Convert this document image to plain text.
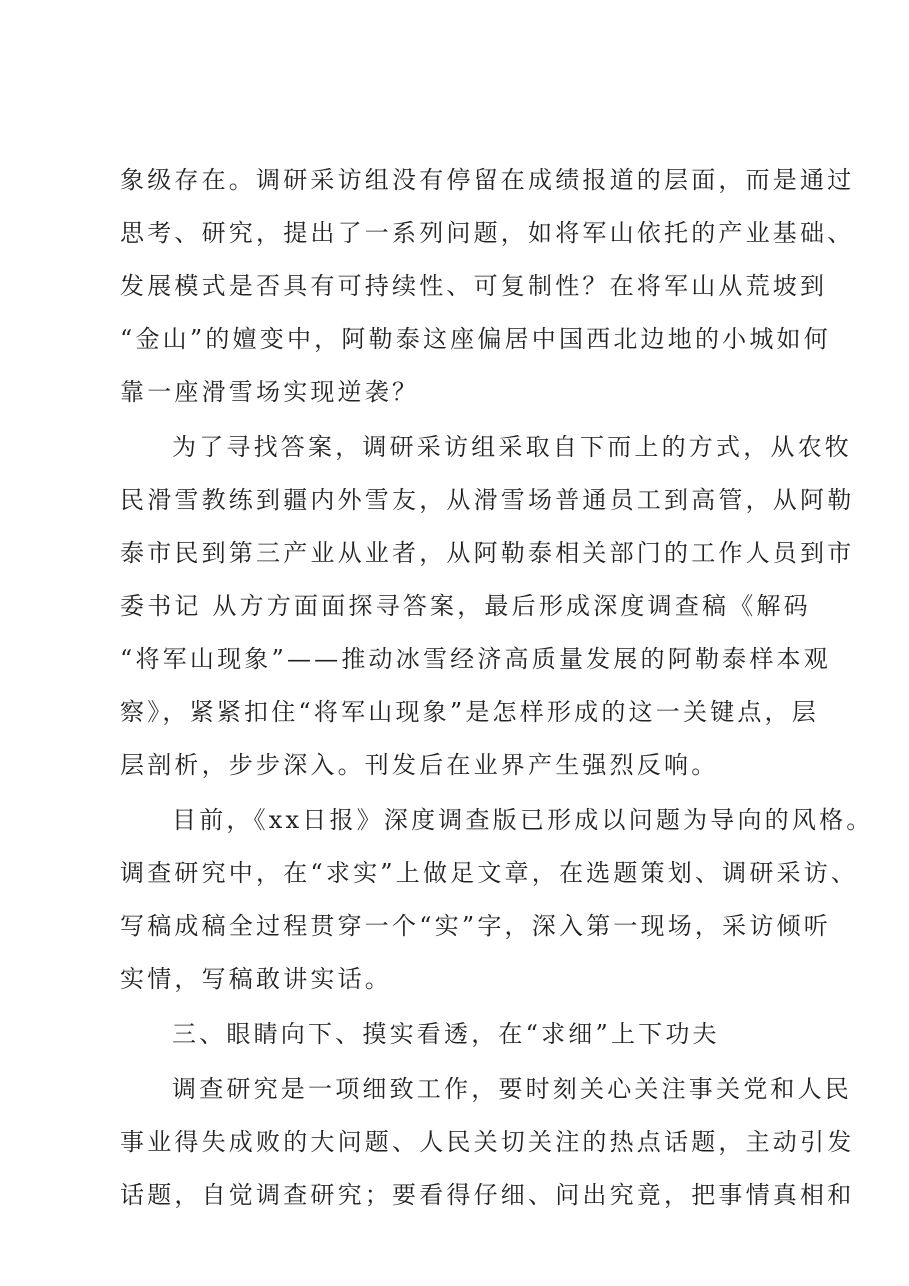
象级存在。调研采访组没有停留在成绩报道的层面，而是通过
思考、研究，提出了一系列问题，如将军山依托的产业基础、
发展模式是否具有可持续性、可复制性？在将军山从荒坡到
“金山”的嬗变中，阿勒泰这座偏居中国西北边地的小城如何
靠一座滑雪场实现逆袭？
为了寻找答案，调研采访组采取自下而上的方式，从农牧
民滑雪教练到疆内外雪友，从滑雪场普通员工到高管，从阿勒
泰市民到第三产业从业者，从阿勒泰相关部门的工作人员到市
委书记 从方方面面探寻答案，最后形成深度调查稿《解码
“将军山现象”——推动冰雪经济高质量发展的阿勒泰样本观
察》，紧紧扣住“将军山现象”是怎样形成的这一关键点，层
层剖析，步步深入。刊发后在业界产生强烈反响。
目前，《xx日报》深度调查版已形成以问题为导向的风格。
调查研究中，在“求实”上做足文章，在选题策划、调研采访、
写稿成稿全过程贯穿一个“实”字，深入第一现场，采访倾听
实情，写稿敢讲实话。
三、眼睛向下、摸实看透，在“求细”上下功夫
调查研究是一项细致工作，要时刻关心关注事关党和人民
事业得失成败的大问题、人民关切关注的热点话题，主动引发
话题，自觉调查研究；要看得仔细、问出究竟，把事情真相和
